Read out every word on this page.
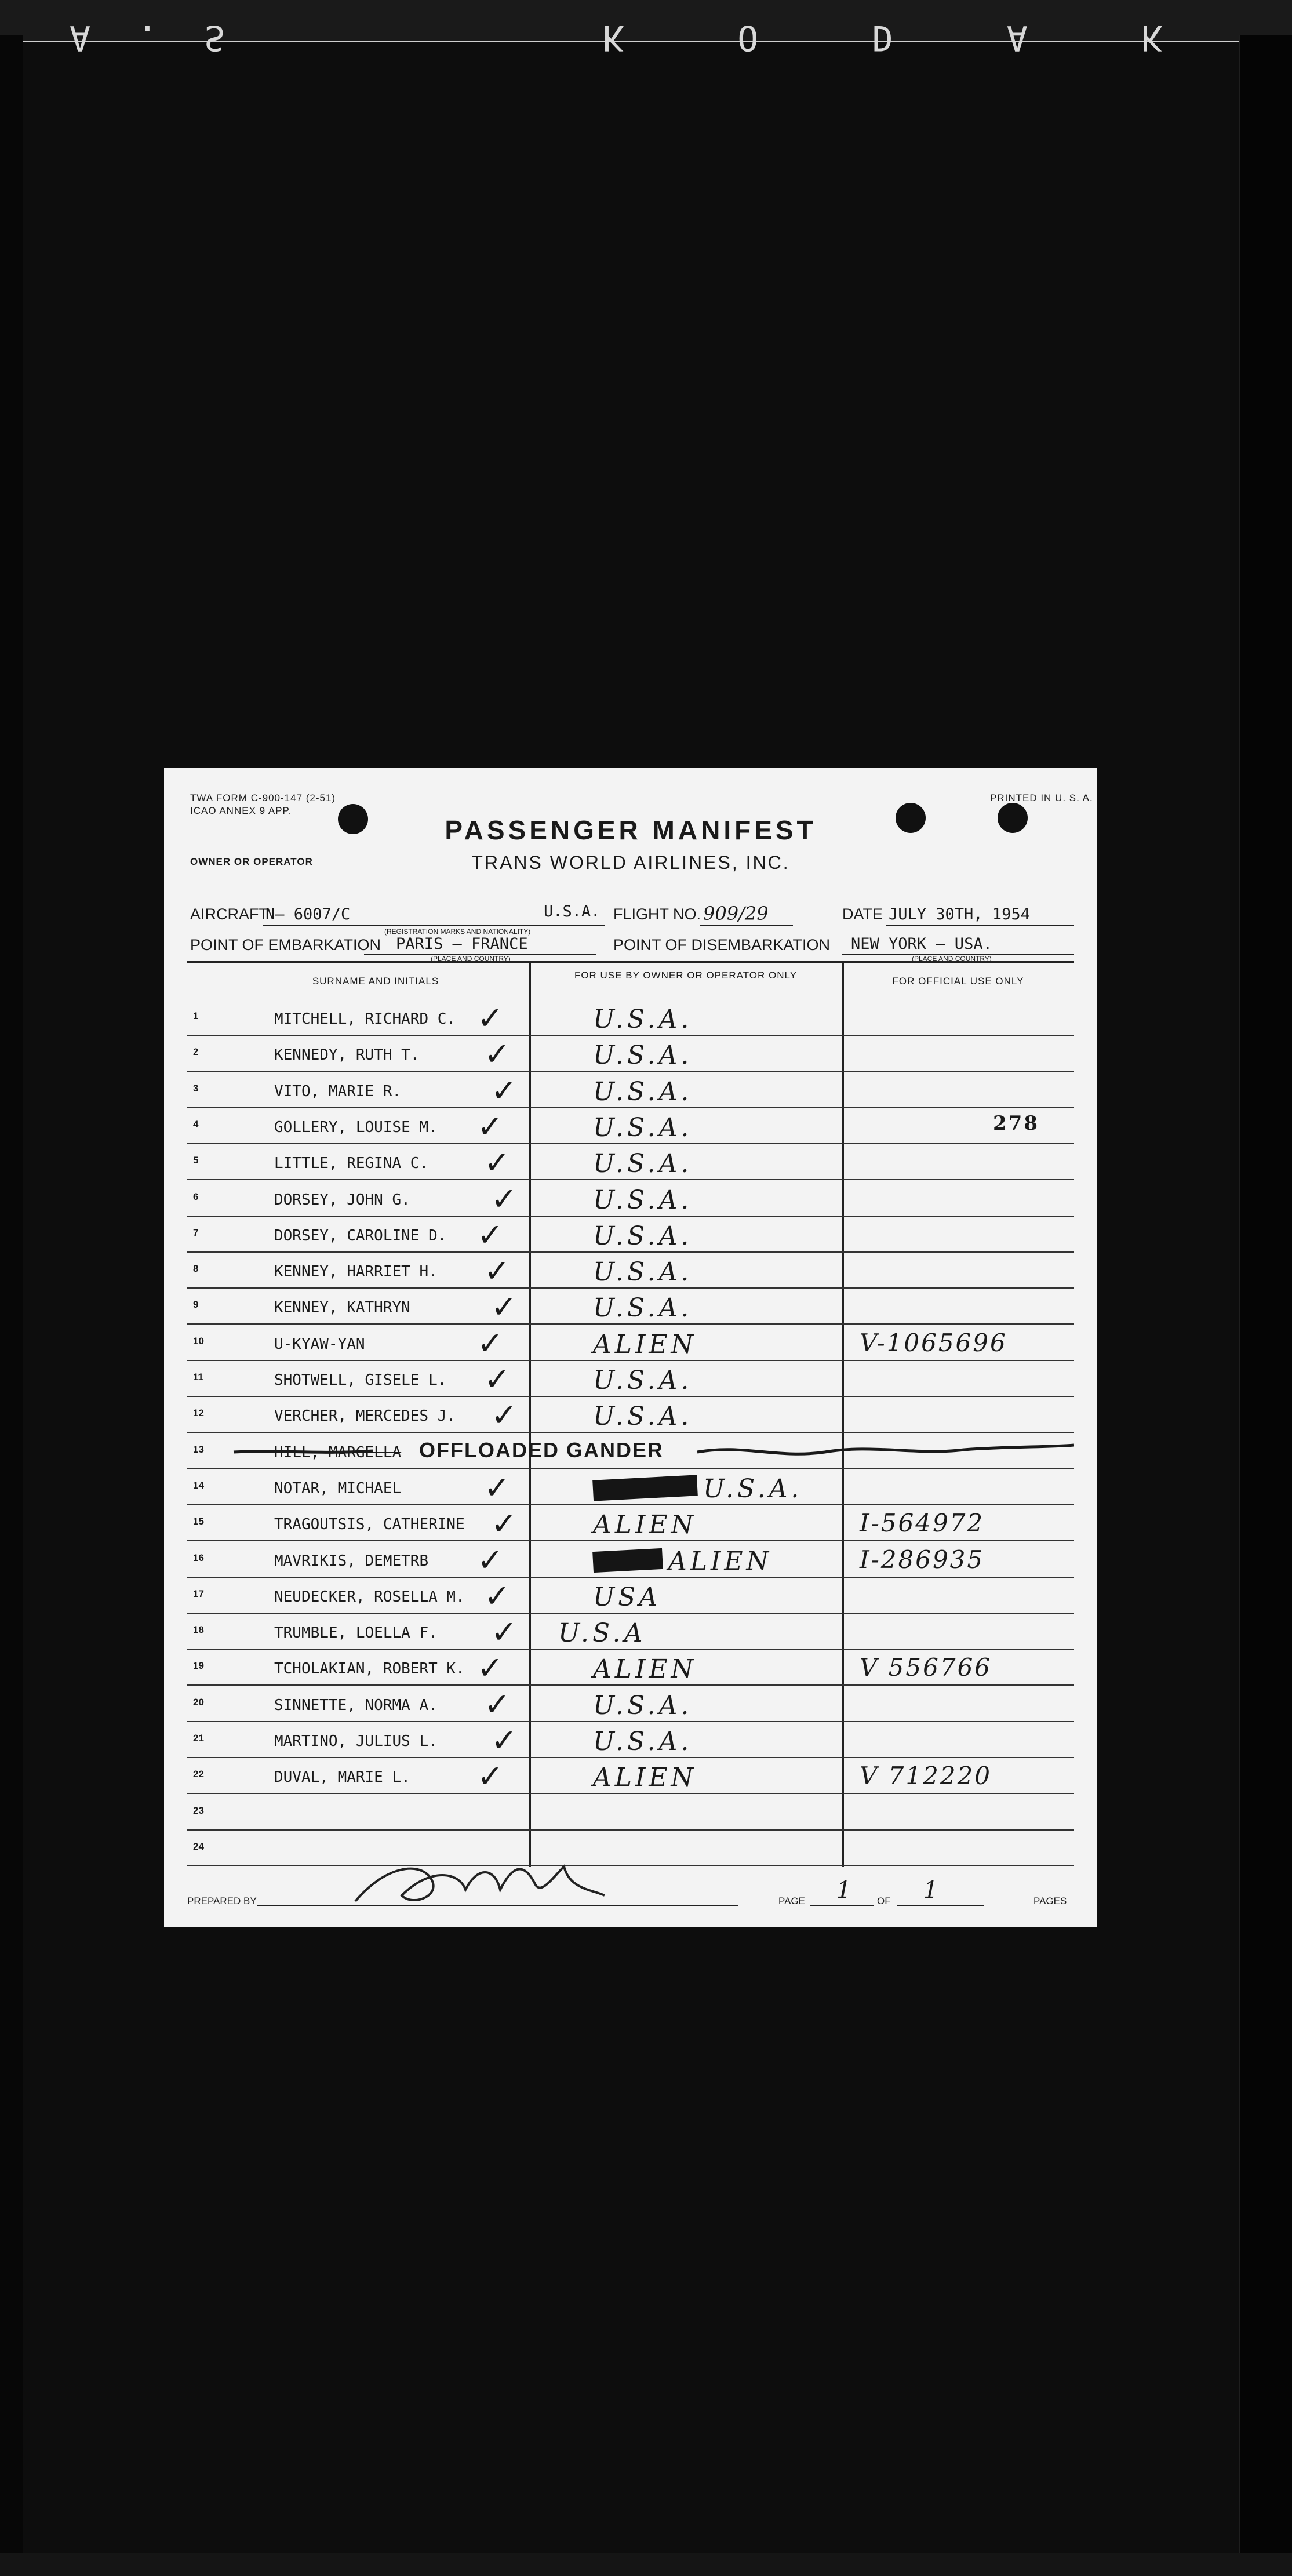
A.S	K O D A K
TWA FORM C-900-147 (2-51)
ICAO ANNEX 9 APP.
PRINTED IN U. S. A.
PASSENGER MANIFEST
TRANS WORLD AIRLINES, INC.
OWNER OR OPERATOR
AIRCRAFT
N— 6007/C	U.S.A.
(REGISTRATION MARKS AND NATIONALITY)
FLIGHT NO. 909/29	DATE JULY 30TH, 1954
POINT OF EMBARKATION PARIS — FRANCE
(PLACE AND COUNTRY)
POINT OF DISEMBARKATION NEW YORK — USA.
(PLACE AND COUNTRY)
SURNAME AND INITIALS
FOR USE BY OWNER OR OPERATOR ONLY
FOR OFFICIAL USE ONLY
1	MITCHELL, RICHARD C. ✓	U.S.A.
2	KENNEDY, RUTH T. ✓	U.S.A.
3	VITO, MARIE R.	✓	U.S.A.
4	GOLLERY, LOUISE M. ✓	U.S.A.	278
5	LITTLE, REGINA C. ✓	U.S.A.
6	DORSEY, JOHN G.	✓	U.S.A.
7	DORSEY, CAROLINE D. ✓	U.S.A.
8	KENNEY, HARRIET H. ✓	U.S.A.
9	KENNEY, KATHRYN	✓	U.S.A.
10	U-KYAW-YAN	✓	ALIEN	V-1065696
11	SHOTWELL, GISELE L. ✓	U.S.A.
12	VERCHER, MERCEDES J. ✓	U.S.A.
13	HILL, MARGELLA OFFLOADED GANDER
14	NOTAR, MICHAEL	✓	U.S.A.
15	TRAGOUTSIS, CATHERINE ✓	ALIEN	I-564972
16	MAVRIKIS, DEMETRB ✓	ALIEN	I-286935
17	NEUDECKER, ROSELLA M. ✓	USA
18	TRUMBLE, LOELLA F. ✓ U.S.A
19	TCHOLAKIAN, ROBERT K. ✓	ALIEN	V 556766
20	SINNETTE, NORMA A. ✓	U.S.A.
21	MARTINO, JULIUS L. ✓	U.S.A.
22	DUVAL, MARIE L. ✓	ALIEN	V 712220
23
24
PREPARED BY	PAGE 1	OF 1	PAGES
